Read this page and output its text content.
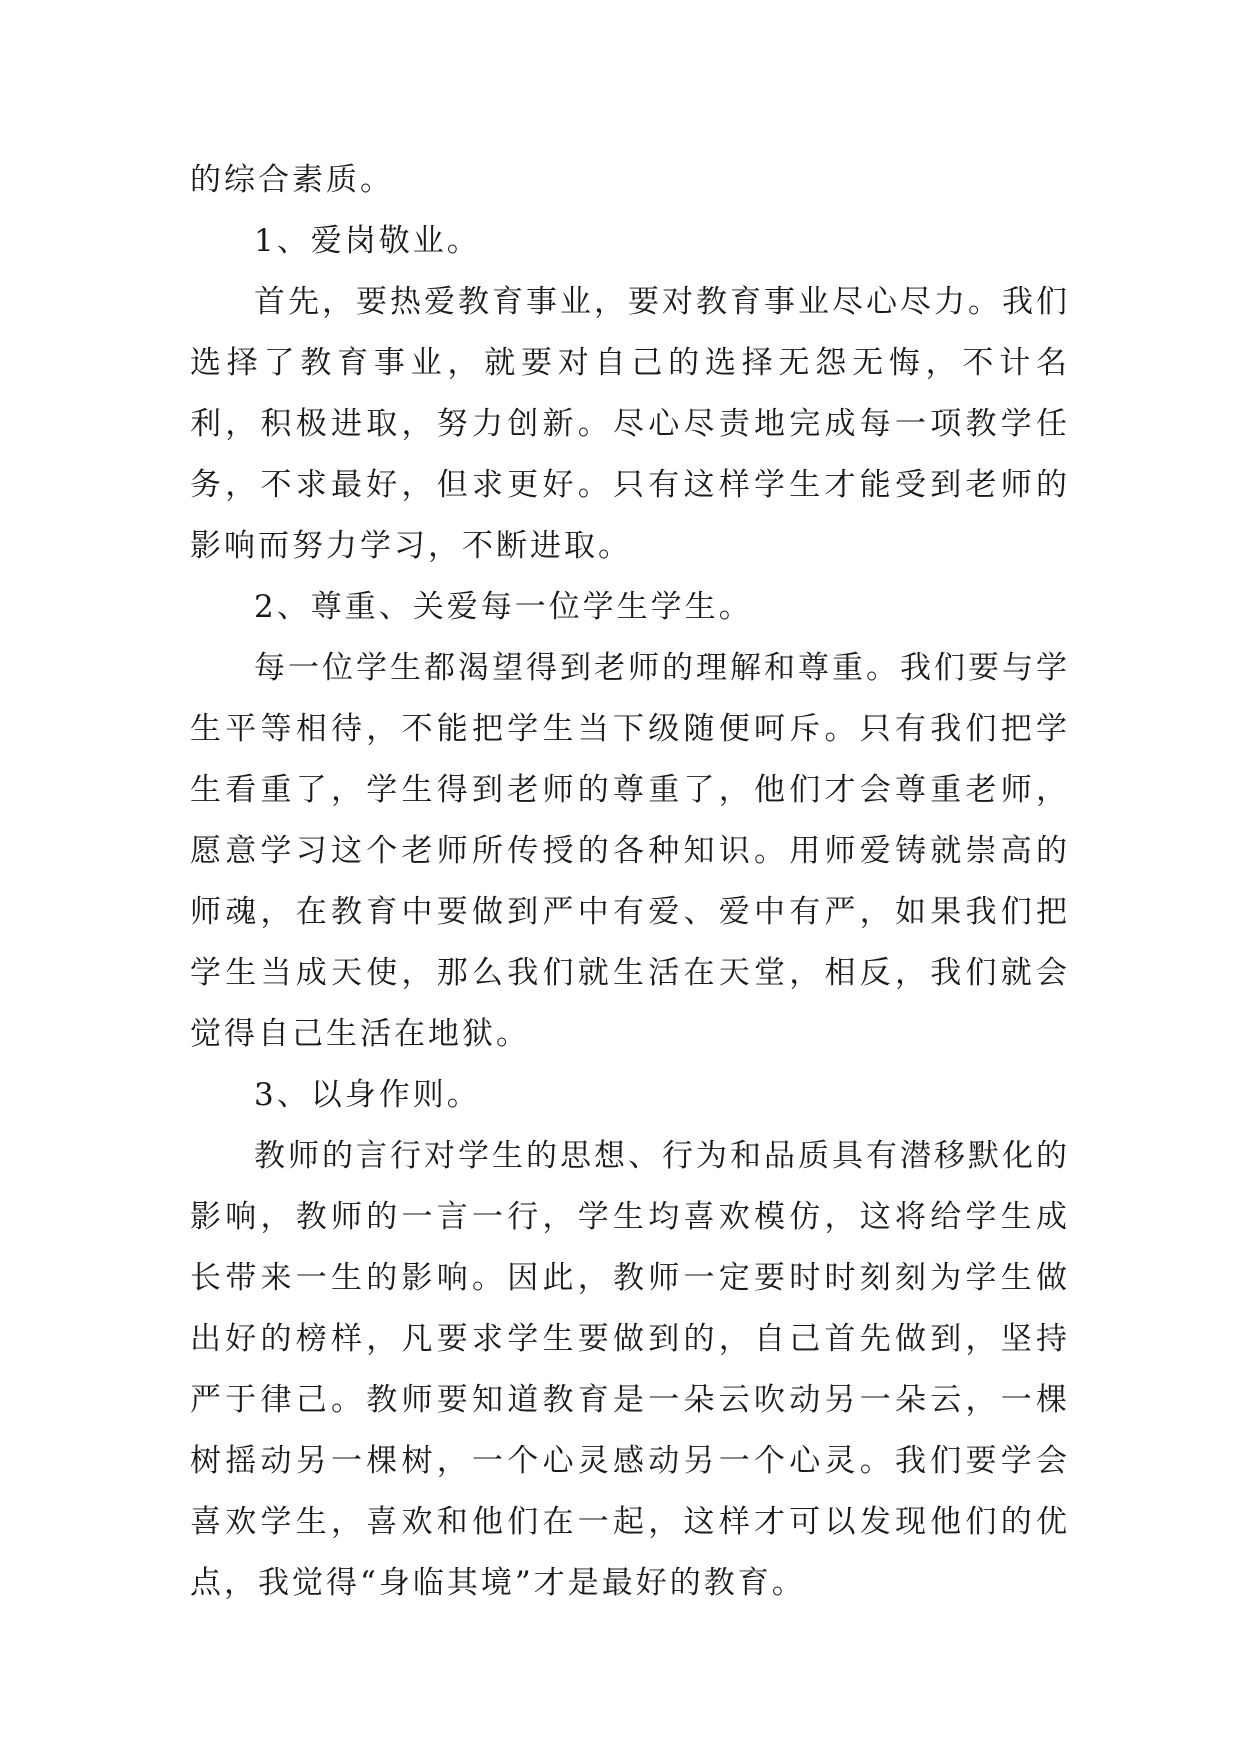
的综合素质。

1、爱岗敬业。

首先，要热爱教育事业，要对教育事业尽心尽力。我们选择了教育事业，就要对自己的选择无怨无悔，不计名利，积极进取，努力创新。尽心尽责地完成每一项教学任务，不求最好，但求更好。只有这样学生才能受到老师的影响而努力学习，不断进取。

2、尊重、关爱每一位学生学生。

每一位学生都渴望得到老师的理解和尊重。我们要与学生平等相待，不能把学生当下级随便呵斥。只有我们把学生看重了，学生得到老师的尊重了，他们才会尊重老师，愿意学习这个老师所传授的各种知识。用师爱铸就崇高的师魂，在教育中要做到严中有爱、爱中有严，如果我们把学生当成天使，那么我们就生活在天堂，相反，我们就会觉得自己生活在地狱。

3、以身作则。

教师的言行对学生的思想、行为和品质具有潜移默化的影响，教师的一言一行，学生均喜欢模仿，这将给学生成长带来一生的影响。因此，教师一定要时时刻刻为学生做出好的榜样，凡要求学生要做到的，自己首先做到，坚持严于律己。教师要知道教育是一朵云吹动另一朵云，一棵树摇动另一棵树，一个心灵感动另一个心灵。我们要学会喜欢学生，喜欢和他们在一起，这样才可以发现他们的优点，我觉得“身临其境”才是最好的教育。
